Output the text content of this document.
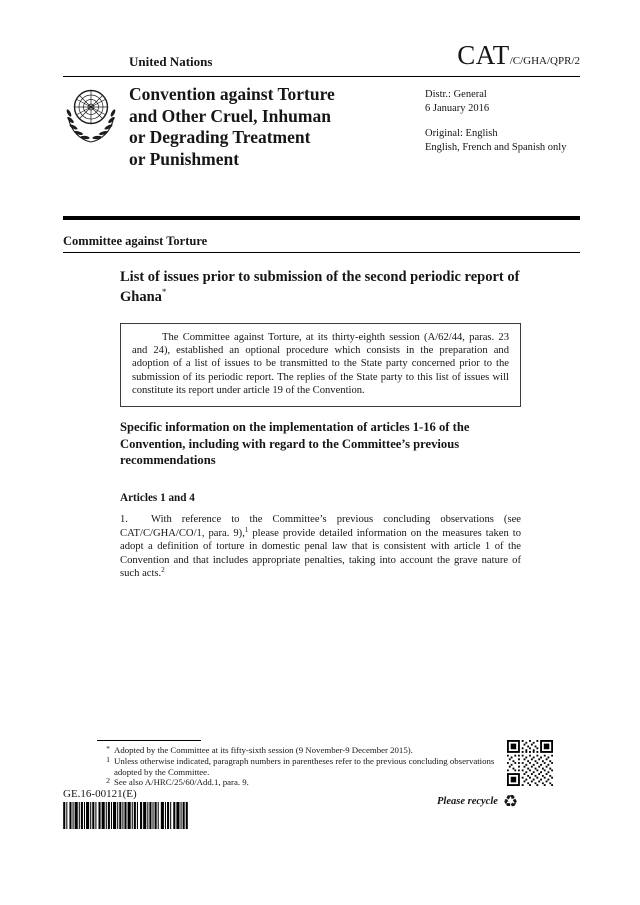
United Nations	CAT/C/GHA/QPR/2
Convention against Torture
and Other Cruel, Inhuman
or Degrading Treatment
or Punishment
Distr.: General
6 January 2016
Original: English
English, French and Spanish only
Committee against Torture
List of issues prior to submission of the second periodic report of Ghana*

The Committee against Torture, at its thirty-eighth session (A/62/44, paras. 23 and 24), established an optional procedure which consists in the preparation and adoption of a list of issues to be transmitted to the State party concerned prior to the submission of its periodic report. The replies of the State party to this list of issues will constitute its report under article 19 of the Convention.

Specific information on the implementation of articles 1-16 of the Convention, including with regard to the Committee’s previous recommendations
Articles 1 and 4
1. With reference to the Committee’s previous concluding observations (see CAT/C/GHA/CO/1, para. 9),$^1$ please provide detailed information on the measures taken to adopt a definition of torture in domestic penal law that is consistent with article 1 of the Convention and that includes appropriate penalties, taking into account the grave nature of such acts.$^2$
* Adopted by the Committee at its fifty-sixth session (9 November-9 December 2015).
1 Unless otherwise indicated, paragraph numbers in parentheses refer to the previous concluding observations adopted by the Committee.
2 See also A/HRC/25/60/Add.1, para. 9.
GE.16-00121(E)
Please recycle ♻
